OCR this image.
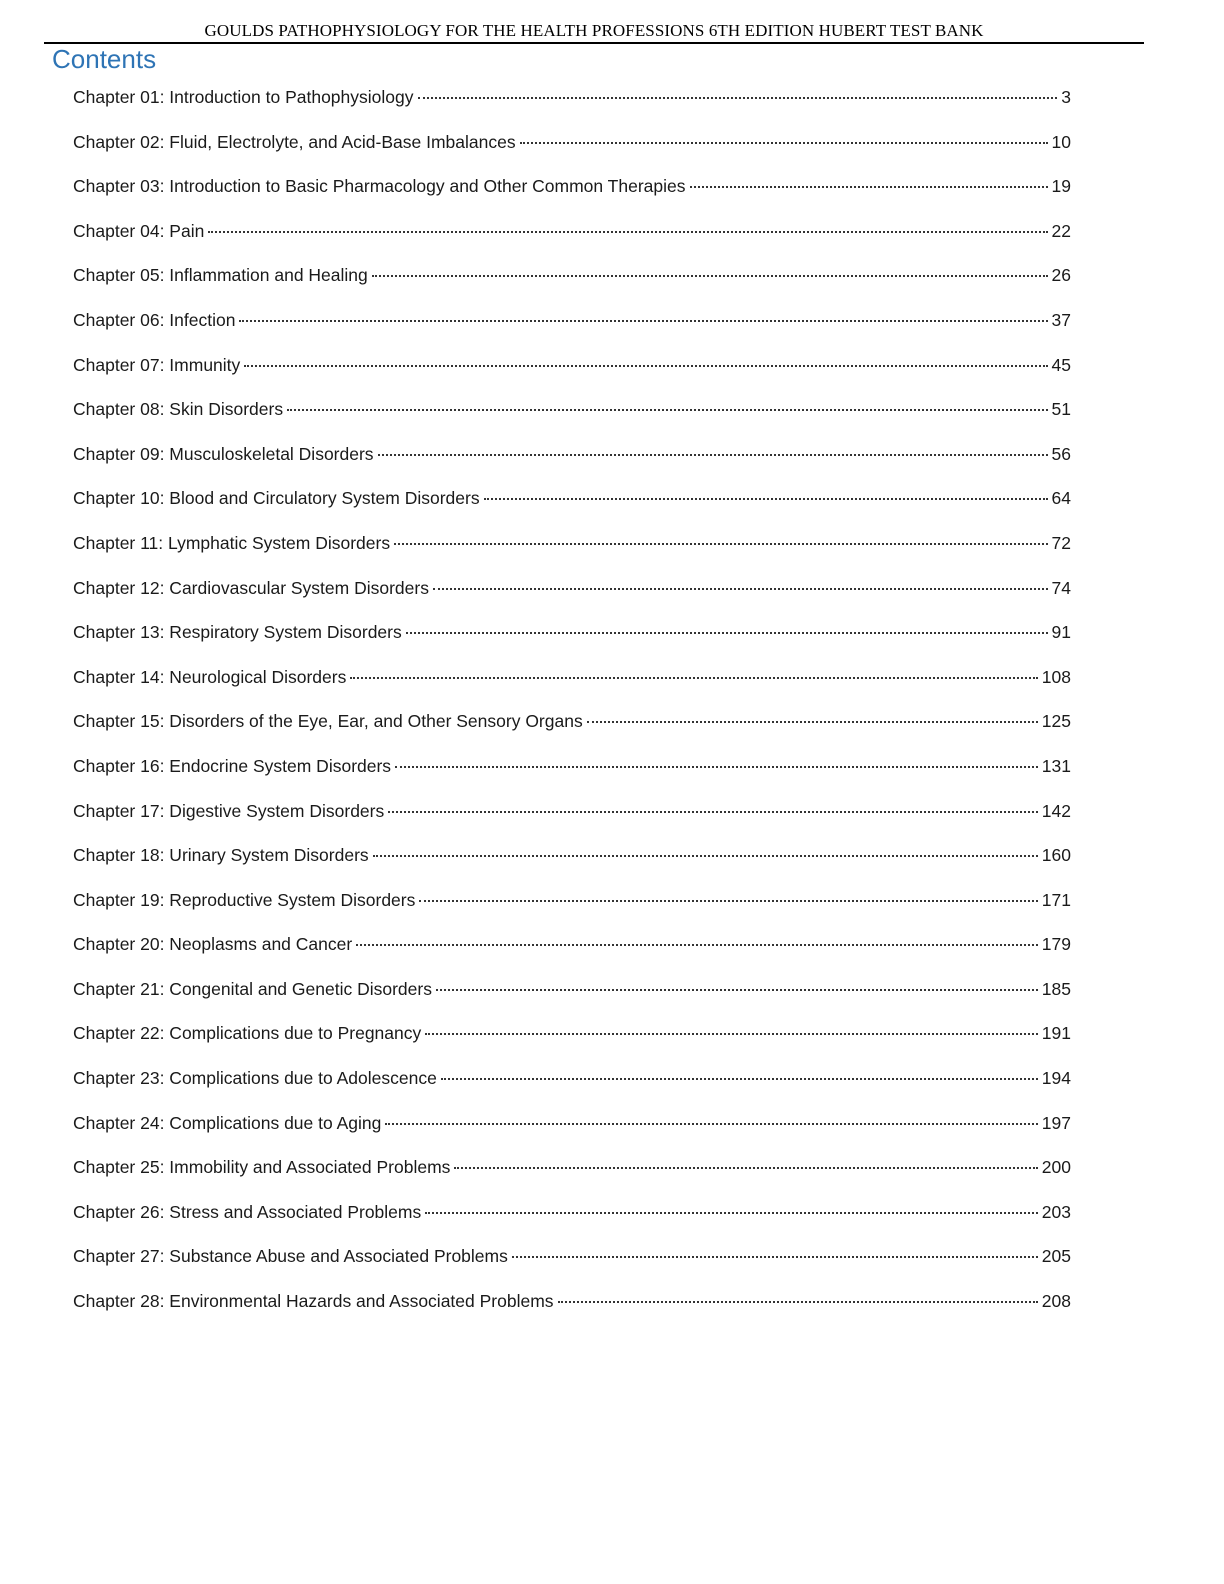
GOULDS PATHOPHYSIOLOGY FOR THE HEALTH PROFESSIONS 6TH EDITION HUBERT TEST BANK
Contents
Chapter 01: Introduction to Pathophysiology	3
Chapter 02: Fluid, Electrolyte, and Acid-Base Imbalances	10
Chapter 03: Introduction to Basic Pharmacology and Other Common Therapies	19
Chapter 04: Pain	22
Chapter 05: Inflammation and Healing	26
Chapter 06: Infection	37
Chapter 07: Immunity	45
Chapter 08: Skin Disorders	51
Chapter 09: Musculoskeletal Disorders	56
Chapter 10: Blood and Circulatory System Disorders	64
Chapter 11: Lymphatic System Disorders	72
Chapter 12: Cardiovascular System Disorders	74
Chapter 13: Respiratory System Disorders	91
Chapter 14: Neurological Disorders	108
Chapter 15: Disorders of the Eye, Ear, and Other Sensory Organs	125
Chapter 16: Endocrine System Disorders	131
Chapter 17: Digestive System Disorders	142
Chapter 18: Urinary System Disorders	160
Chapter 19: Reproductive System Disorders	171
Chapter 20: Neoplasms and Cancer	179
Chapter 21: Congenital and Genetic Disorders	185
Chapter 22: Complications due to Pregnancy	191
Chapter 23: Complications due to Adolescence	194
Chapter 24: Complications due to Aging	197
Chapter 25: Immobility and Associated Problems	200
Chapter 26: Stress and Associated Problems	203
Chapter 27: Substance Abuse and Associated Problems	205
Chapter 28: Environmental Hazards and Associated Problems	208
